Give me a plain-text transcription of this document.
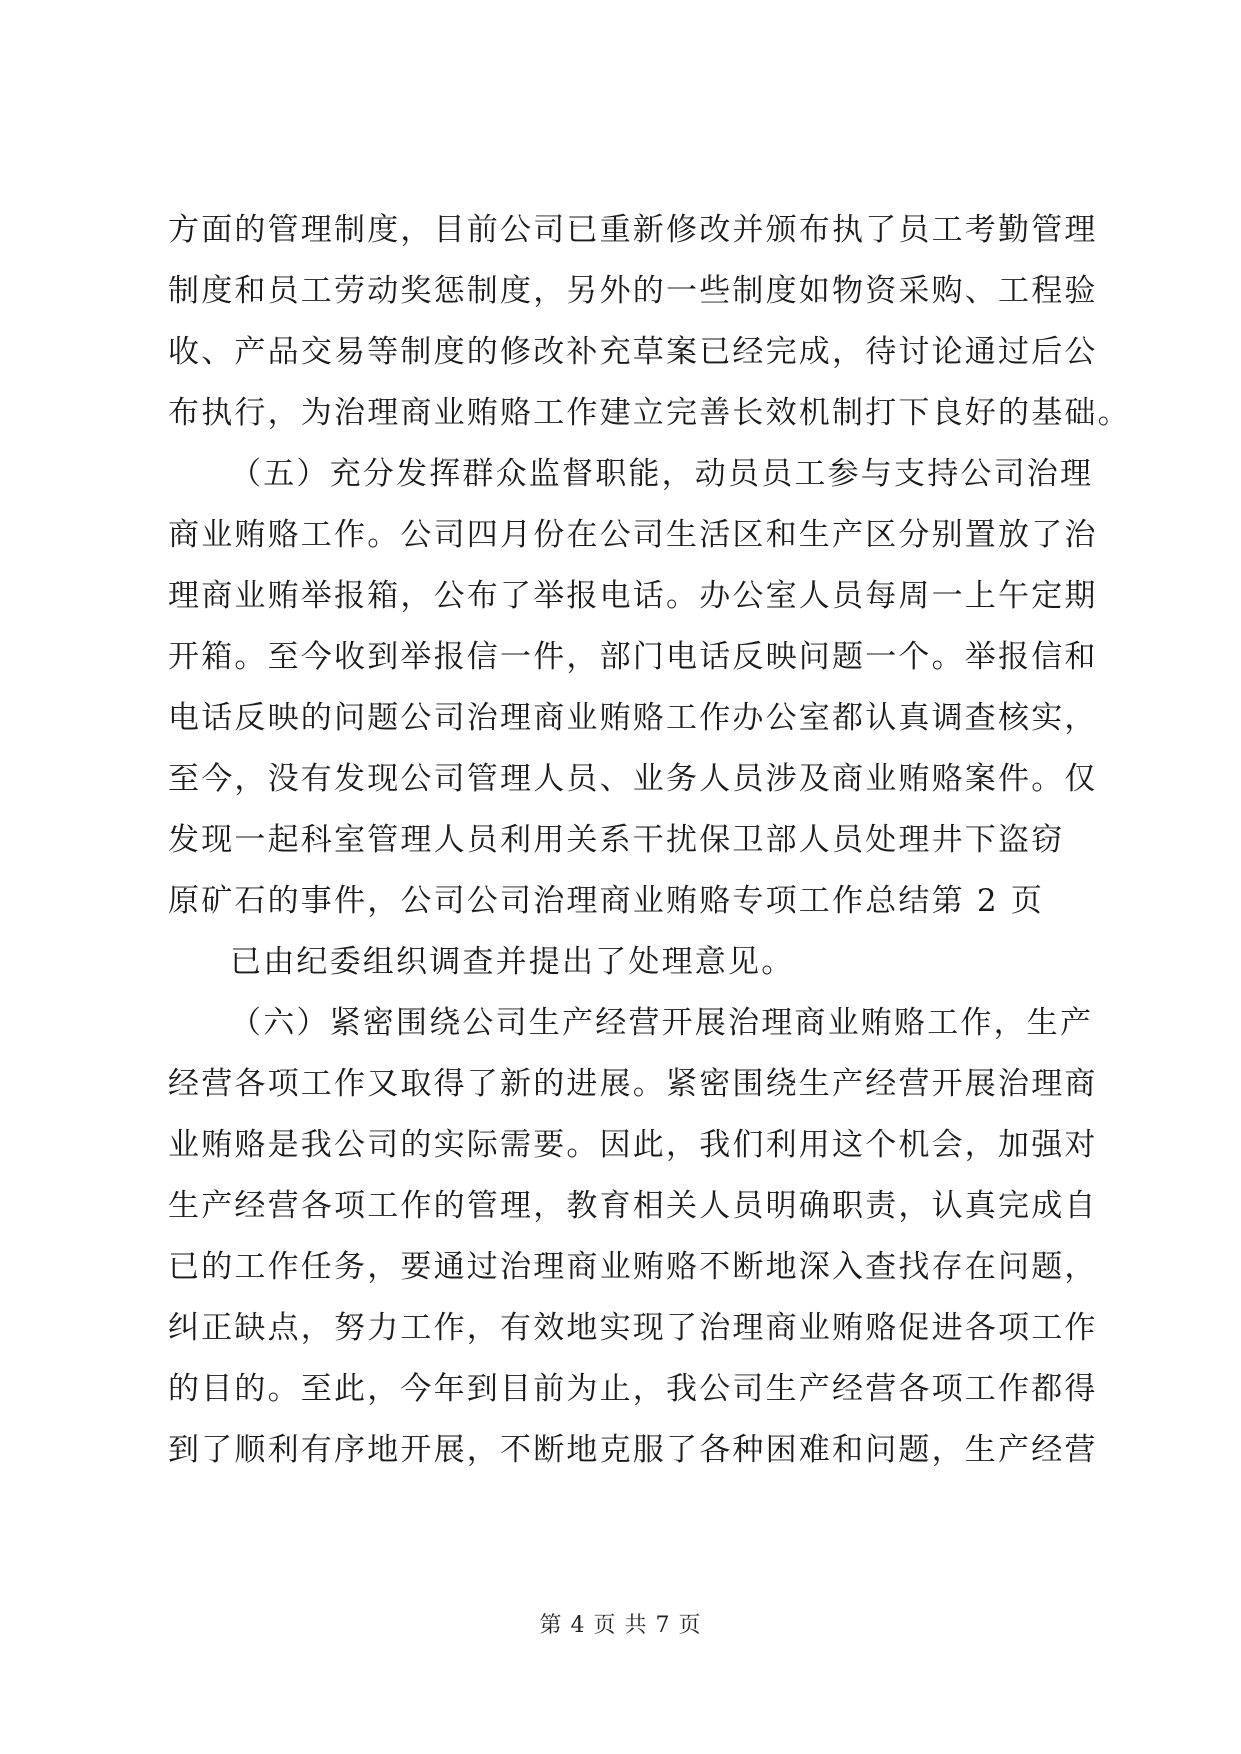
方面的管理制度，目前公司已重新修改并颁布执了员工考勤管理
制度和员工劳动奖惩制度，另外的一些制度如物资采购、工程验
收、产品交易等制度的修改补充草案已经完成，待讨论通过后公
布执行，为治理商业贿赂工作建立完善长效机制打下良好的基础。
（五）充分发挥群众监督职能，动员员工参与支持公司治理
商业贿赂工作。公司四月份在公司生活区和生产区分别置放了治
理商业贿举报箱，公布了举报电话。办公室人员每周一上午定期
开箱。至今收到举报信一件，部门电话反映问题一个。举报信和
电话反映的问题公司治理商业贿赂工作办公室都认真调查核实，
至今，没有发现公司管理人员、业务人员涉及商业贿赂案件。仅
发现一起科室管理人员利用关系干扰保卫部人员处理井下盗窃
原矿石的事件，公司公司治理商业贿赂专项工作总结第 2 页
已由纪委组织调查并提出了处理意见。
（六）紧密围绕公司生产经营开展治理商业贿赂工作，生产
经营各项工作又取得了新的进展。紧密围绕生产经营开展治理商
业贿赂是我公司的实际需要。因此，我们利用这个机会，加强对
生产经营各项工作的管理，教育相关人员明确职责，认真完成自
已的工作任务，要通过治理商业贿赂不断地深入查找存在问题，
纠正缺点，努力工作，有效地实现了治理商业贿赂促进各项工作
的目的。至此，今年到目前为止，我公司生产经营各项工作都得
到了顺利有序地开展，不断地克服了各种困难和问题，生产经营
第 4 页 共 7 页
